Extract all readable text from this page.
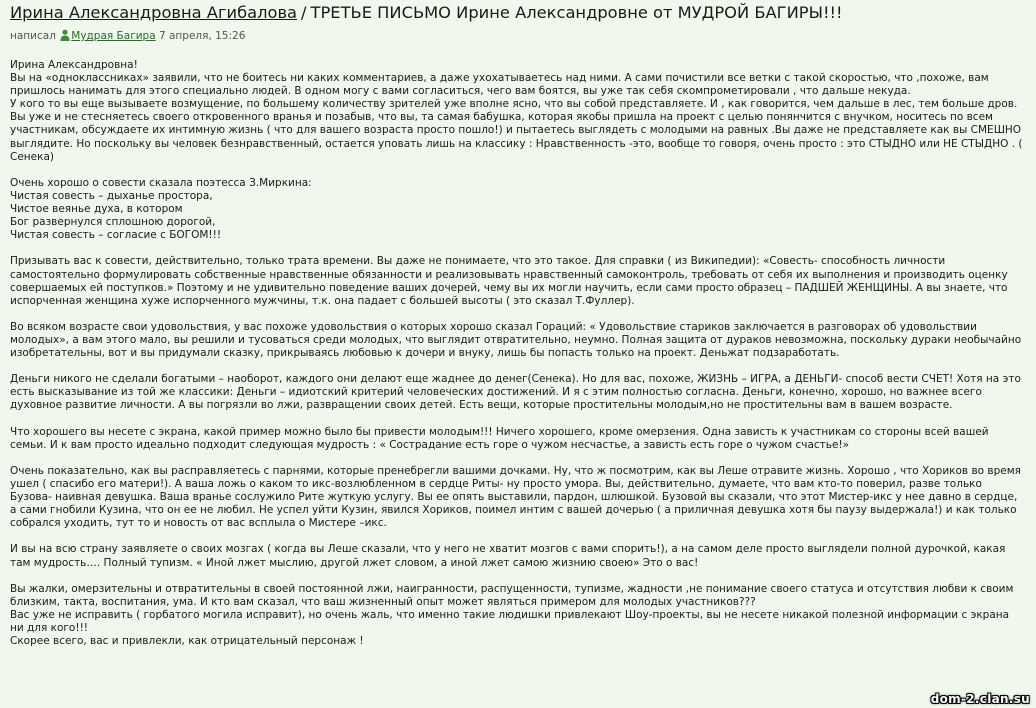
Ирина Александровна Агибалова / ТРЕТЬЕ ПИСЬМО Ирине Александровне от МУДРОЙ БАГИРЫ!!!
написал Мудрая Багира 7 апреля, 15:26

Ирина Александровна!
Вы на «одноклассниках» заявили, что не боитесь ни каких комментариев, а даже ухохатываетесь над ними. А сами почистили все ветки с такой скоростью, что ,похоже, вам пришлось нанимать для этого специально людей. В одном могу с вами согласиться, чего вам боятся, вы уже так себя скомпрометировали , что дальше некуда.
У кого то вы еще вызываете возмущение, по большему количеству зрителей уже вполне ясно, что вы собой представляете. И , как говорится, чем дальше в лес, тем больше дров. Вы уже и не стесняетесь своего откровенного вранья и позабыв, что вы, та самая бабушка, которая якобы пришла на проект с целью понянчится с внучком, носитесь по всем участникам, обсуждаете их интимную жизнь ( что для вашего возраста просто пошло!) и пытаетесь выглядеть с молодыми на равных .Вы даже не представляете как вы СМЕШНО выглядите. Но поскольку вы человек безнравственный, остается уповать лишь на классику : Нравственность -это, вообще то говоря, очень просто : это СТЫДНО или НЕ СТЫДНО . ( Сенека)

Очень хорошо о совести сказала поэтесса З.Миркина:
Чистая совесть – дыханье простора,
Чистое веянье духа, в котором
Бог развернулся сплошною дорогой,
Чистая совесть – согласие с БОГОМ!!!

Призывать вас к совести, действительно, только трата времени. Вы даже не понимаете, что это такое. Для справки ( из Википедии): «Совесть- способность личности самостоятельно формулировать собственные нравственные обязанности и реализовывать нравственный самоконтроль, требовать от себя их выполнения и производить оценку совершаемых ей поступков.» Поэтому и не удивительно поведение ваших дочерей, чему вы их могли научить, если сами просто образец – ПАДШЕЙ ЖЕНЩИНЫ. А вы знаете, что испорченная женщина хуже испорченного мужчины, т.к. она падает с большей высоты ( это сказал Т.Фуллер).

Во всяком возрасте свои удовольствия, у вас похоже удовольствия о которых хорошо сказал Гораций: « Удовольствие стариков заключается в разговорах об удовольствии молодых», а вам этого мало, вы решили и тусоваться среди молодых, что выглядит отвратительно, неумно. Полная защита от дураков невозможна, поскольку дураки необычайно изобретательны, вот и вы придумали сказку, прикрываясь любовью к дочери и внуку, лишь бы попасть только на проект. Деньжат подзаработать.

Деньги никого не сделали богатыми – наоборот, каждого они делают еще жаднее до денег(Сенека). Но для вас, похоже, ЖИЗНЬ – ИГРА, а ДЕНЬГИ- способ вести СЧЕТ! Хотя на это есть высказывание из той же классики: Деньги – идиотский критерий человеческих достижений. И я с этим полностью согласна. Деньги, конечно, хорошо, но важнее всего духовное развитие личности. А вы погрязли во лжи, развращении своих детей. Есть вещи, которые простительны молодым,но не простительны вам в вашем возрасте.

Что хорошего вы несете с экрана, какой пример можно было бы привести молодым!!! Ничего хорошего, кроме омерзения. Одна зависть к участникам со стороны всей вашей семьи. И к вам просто идеально подходит следующая мудрость : « Сострадание есть горе о чужом несчастье, а зависть есть горе о чужом счастье!»

Очень показательно, как вы расправляетесь с парнями, которые пренебрегли вашими дочками. Ну, что ж посмотрим, как вы Леше отравите жизнь. Хорошо , что Хориков во время ушел ( спасибо его матери!). А ваша ложь о каком то икс-возлюбленном в сердце Риты- ну просто умора. Вы, действительно, думаете, что вам кто-то поверил, разве только Бузова- наивная девушка. Ваша вранье сослужило Рите жуткую услугу. Вы ее опять выставили, пардон, шлюшкой. Бузовой вы сказали, что этот Мистер-икс у нее давно в сердце, а сами гнобили Кузина, что он ее не любил. Не успел уйти Кузин, явился Хориков, поимел интим с вашей дочерью ( а приличная девушка хотя бы паузу выдержала!) и как только собрался уходить, тут то и новость от вас всплыла о Мистере –икс.

И вы на всю страну заявляете о своих мозгах ( когда вы Леше сказали, что у него не хватит мозгов с вами спорить!), а на самом деле просто выглядели полной дурочкой, какая там мудрость…. Полный тупизм. « Иной лжет мыслию, другой лжет словом, а иной лжет самою жизнию своею» Это о вас!

Вы жалки, омерзительны и отвратительны в своей постоянной лжи, наигранности, распущенности, тупизме, жадности ,не понимание своего статуса и отсутствия любви к своим близким, такта, воспитания, ума. И кто вам сказал, что ваш жизненный опыт может являться примером для молодых участников???
Вас уже не исправить ( горбатого могила исправит), но очень жаль, что именно такие людишки привлекают Шоу-проекты, вы не несете никакой полезной информации с экрана ни для кого!!!
Скорее всего, вас и привлекли, как отрицательный персонаж !

dom-2.clan.su
